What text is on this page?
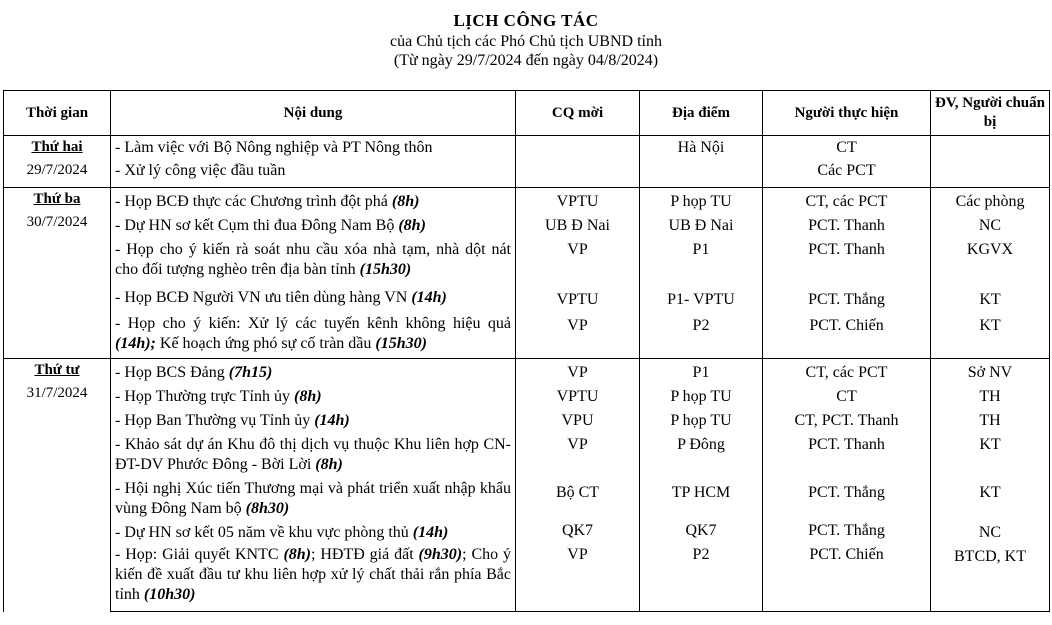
LỊCH CÔNG TÁC
của Chủ tịch các Phó Chủ tịch UBND tỉnh
(Từ ngày 29/7/2024 đến ngày 04/8/2024)
Thời gian	Nội dung	CQ mời	Địa điểm	Người thực hiện	ĐV, Người chuẩn bị

Thứ hai
29/7/2024	- Làm việc với Bộ Nông nghiệp và PT Nông thôn		Hà Nội	CT	

	- Xử lý công việc đầu tuần			Các PCT	

Thứ ba
30/7/2024	- Họp BCĐ thực các Chương trình đột phá (8h)	VPTU	P họp TU	CT, các PCT	Các phòng

	- Dự HN sơ kết Cụm thi đua Đông Nam Bộ (8h)	UB Đ Nai	UB Đ Nai	PCT. Thanh	NC

	- Họp cho ý kiến rà soát nhu cầu xóa nhà tạm, nhà dột nát cho đối tượng nghèo trên địa bàn tỉnh (15h30)	VP	P1	PCT. Thanh	KGVX

	- Họp BCĐ Người VN ưu tiên dùng hàng VN (14h)	VPTU	P1- VPTU	PCT. Thắng	KT

	- Họp cho ý kiến: Xử lý các tuyến kênh không hiệu quả (14h); Kế hoạch ứng phó sự cố tràn dầu (15h30)	VP	P2	PCT. Chiến	KT

Thứ tư
31/7/2024	- Họp BCS Đảng (7h15)	VP	P1	CT, các PCT	Sở NV

	- Họp Thường trực Tỉnh ủy (8h)	VPTU	P họp TU	CT	TH

	- Họp Ban Thường vụ Tỉnh ủy (14h)	VPU	P họp TU	CT, PCT. Thanh	TH

	- Khảo sát dự án Khu đô thị dịch vụ thuộc Khu liên hợp CN-ĐT-DV Phước Đông - Bời Lời (8h)	VP	P Đông	PCT. Thanh	KT

	- Hội nghị Xúc tiến Thương mại và phát triển xuất nhập khẩu vùng Đông Nam bộ (8h30)	Bộ CT	TP HCM	PCT. Thắng	KT

	- Dự HN sơ kết 05 năm về khu vực phòng thủ (14h)	QK7	QK7	PCT. Thắng	NC

	- Họp: Giải quyết KNTC (8h); HĐTĐ giá đất (9h30); Cho ý kiến đề xuất đầu tư khu liên hợp xử lý chất thải rắn phía Bắc tỉnh (10h30)	VP	P2	PCT. Chiến	BTCD, KT
